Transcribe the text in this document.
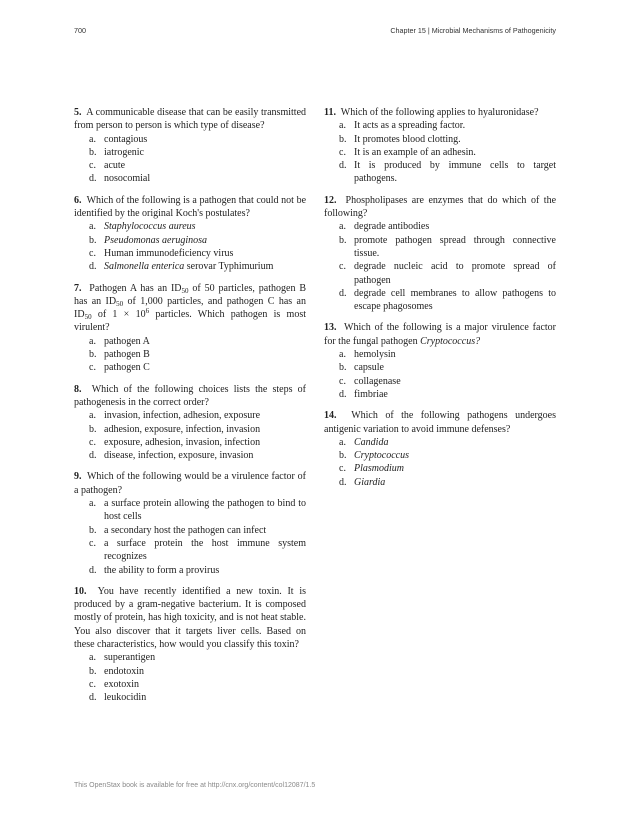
700	Chapter 15 | Microbial Mechanisms of Pathogenicity
5. A communicable disease that can be easily transmitted from person to person is which type of disease?
a. contagious
b. iatrogenic
c. acute
d. nosocomial
6. Which of the following is a pathogen that could not be identified by the original Koch's postulates?
a. Staphylococcus aureus
b. Pseudomonas aeruginosa
c. Human immunodeficiency virus
d. Salmonella enterica serovar Typhimurium
7. Pathogen A has an $ID_{50}$ of 50 particles, pathogen B has an $ID_{50}$ of 1,000 particles, and pathogen C has an $ID_{50}$ of $1 \times 10^6$ particles. Which pathogen is most virulent?
a. pathogen A
b. pathogen B
c. pathogen C
8. Which of the following choices lists the steps of pathogenesis in the correct order?
a. invasion, infection, adhesion, exposure
b. adhesion, exposure, infection, invasion
c. exposure, adhesion, invasion, infection
d. disease, infection, exposure, invasion
9. Which of the following would be a virulence factor of a pathogen?
a. a surface protein allowing the pathogen to bind to host cells
b. a secondary host the pathogen can infect
c. a surface protein the host immune system recognizes
d. the ability to form a provirus
10. You have recently identified a new toxin. It is produced by a gram-negative bacterium. It is composed mostly of protein, has high toxicity, and is not heat stable. You also discover that it targets liver cells. Based on these characteristics, how would you classify this toxin?
a. superantigen
b. endotoxin
c. exotoxin
d. leukocidin
11. Which of the following applies to hyaluronidase?
a. It acts as a spreading factor.
b. It promotes blood clotting.
c. It is an example of an adhesin.
d. It is produced by immune cells to target pathogens.
12. Phospholipases are enzymes that do which of the following?
a. degrade antibodies
b. promote pathogen spread through connective tissue.
c. degrade nucleic acid to promote spread of pathogen
d. degrade cell membranes to allow pathogens to escape phagosomes
13. Which of the following is a major virulence factor for the fungal pathogen Cryptococcus?
a. hemolysin
b. capsule
c. collagenase
d. fimbriae
14. Which of the following pathogens undergoes antigenic variation to avoid immune defenses?
a. Candida
b. Cryptococcus
c. Plasmodium
d. Giardia
This OpenStax book is available for free at http://cnx.org/content/col12087/1.5
